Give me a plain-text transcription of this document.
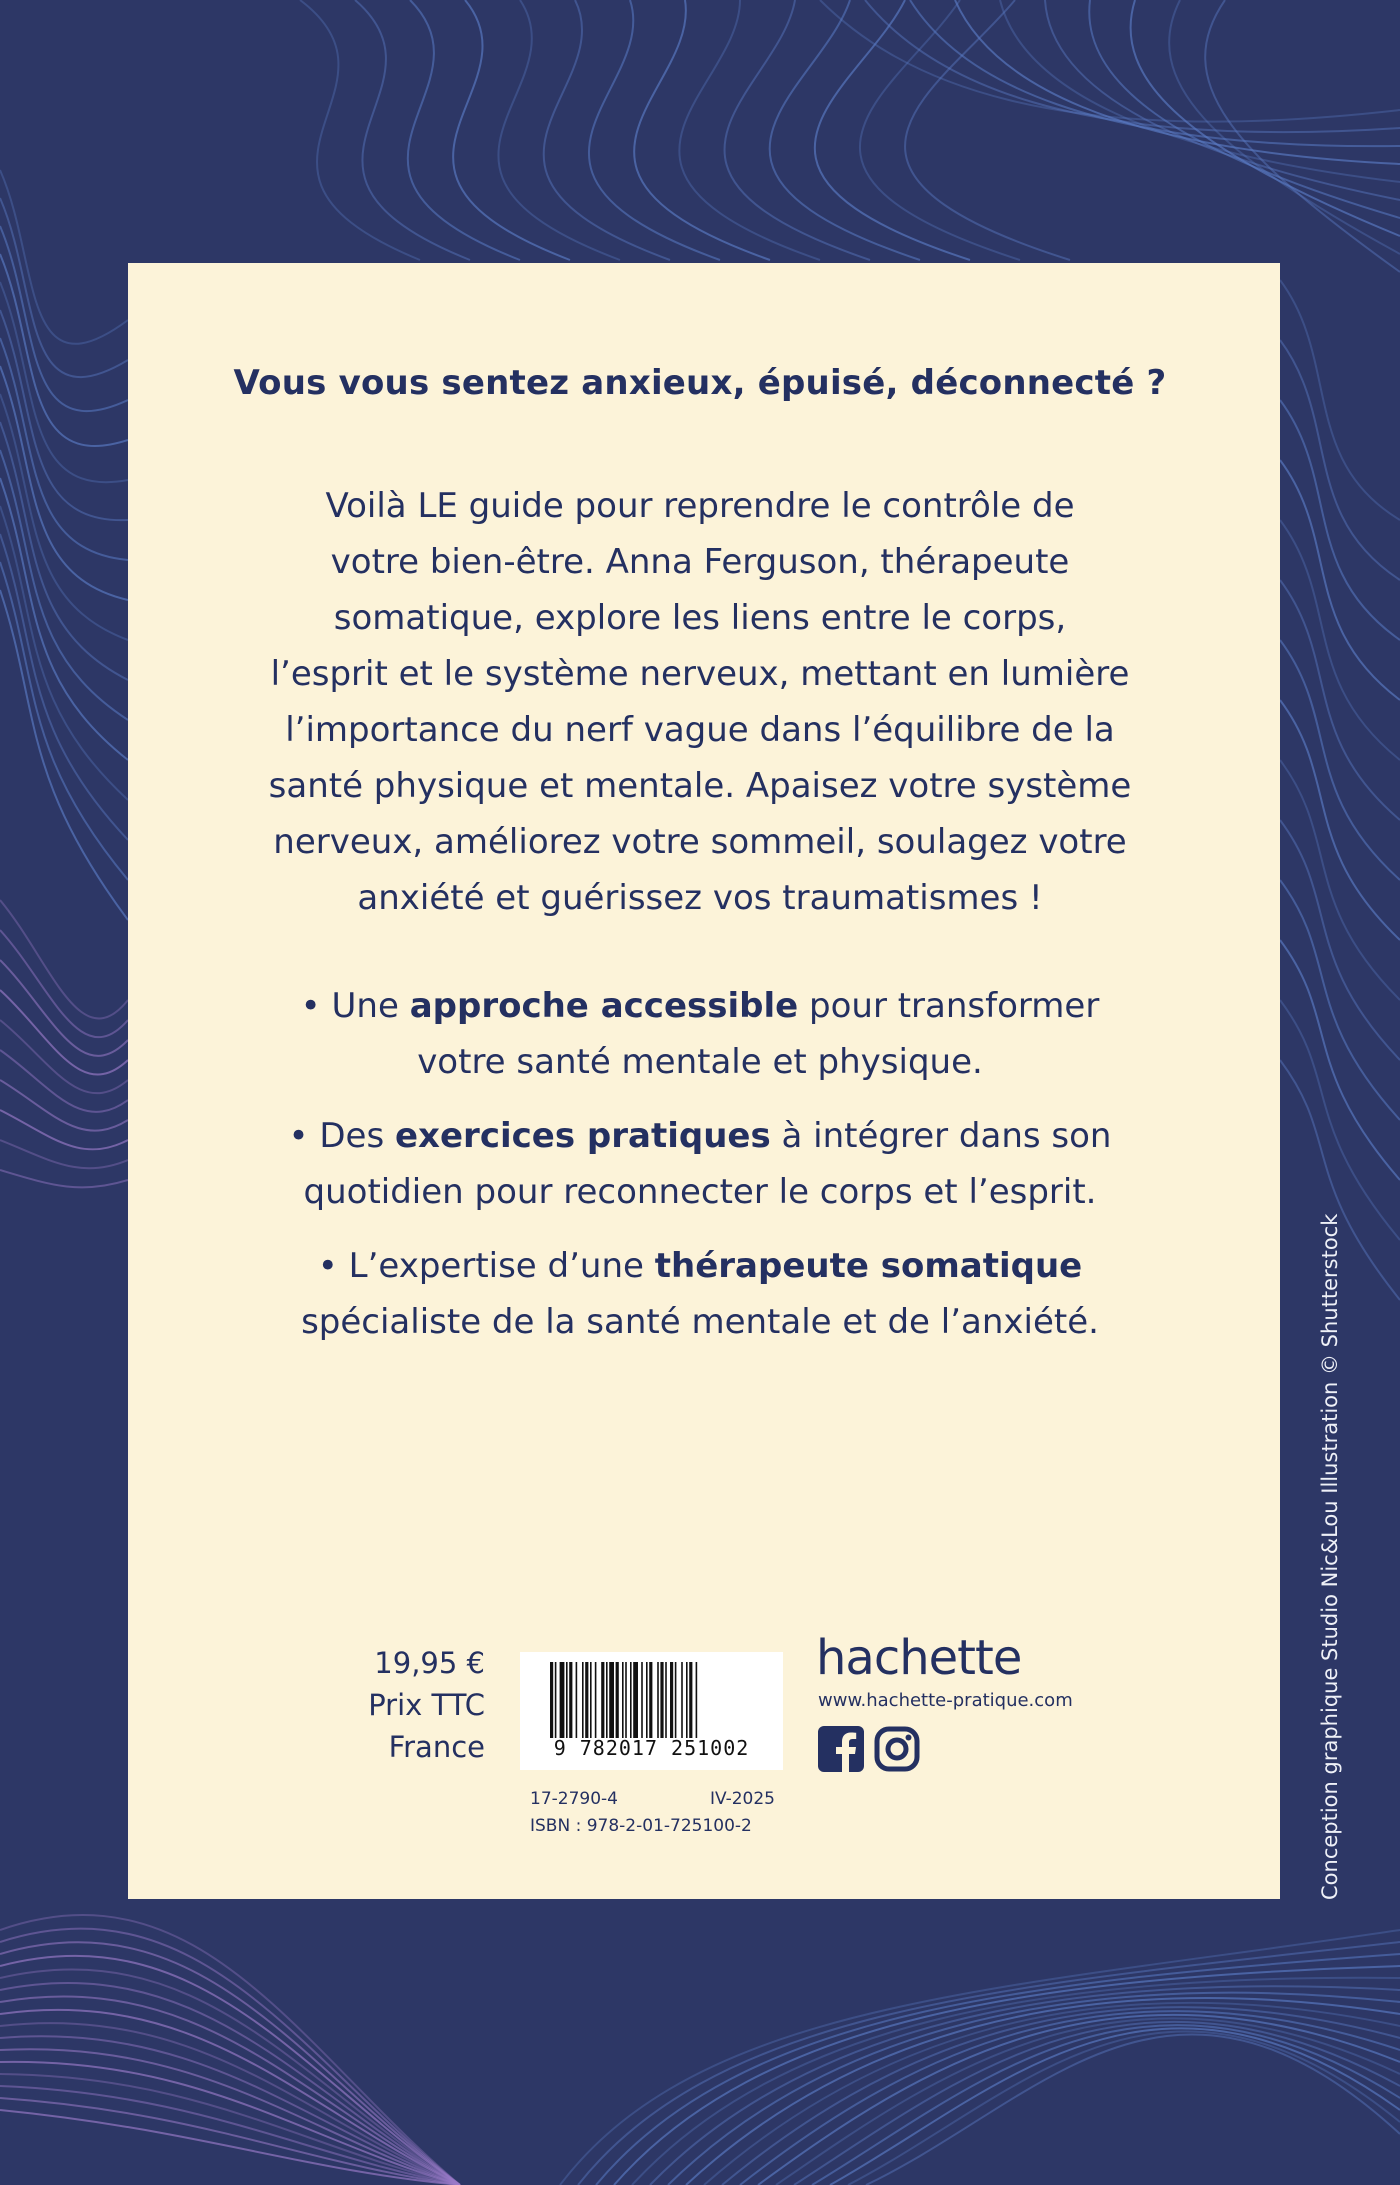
Vous vous sentez anxieux, épuisé, déconnecté ?
Voilà LE guide pour reprendre le contrôle de
votre bien-être. Anna Ferguson, thérapeute
somatique, explore les liens entre le corps,
l’esprit et le système nerveux, mettant en lumière
l’importance du nerf vague dans l’équilibre de la
santé physique et mentale. Apaisez votre système
nerveux, améliorez votre sommeil, soulagez votre
anxiété et guérissez vos traumatismes !
• Une approche accessible pour transformer
votre santé mentale et physique.
• Des exercices pratiques à intégrer dans son
quotidien pour reconnecter le corps et l’esprit.
• L’expertise d’une thérapeute somatique
spécialiste de la santé mentale et de l’anxiété.
19,95 €
Prix TTC
France	9 782017 251002
17-2790-4	IV-2025
ISBN : 978-2-01-725100-2
hachette
www.hachette-pratique.com	Conception graphique Studio Nic&Lou Illustration © Shutterstock
